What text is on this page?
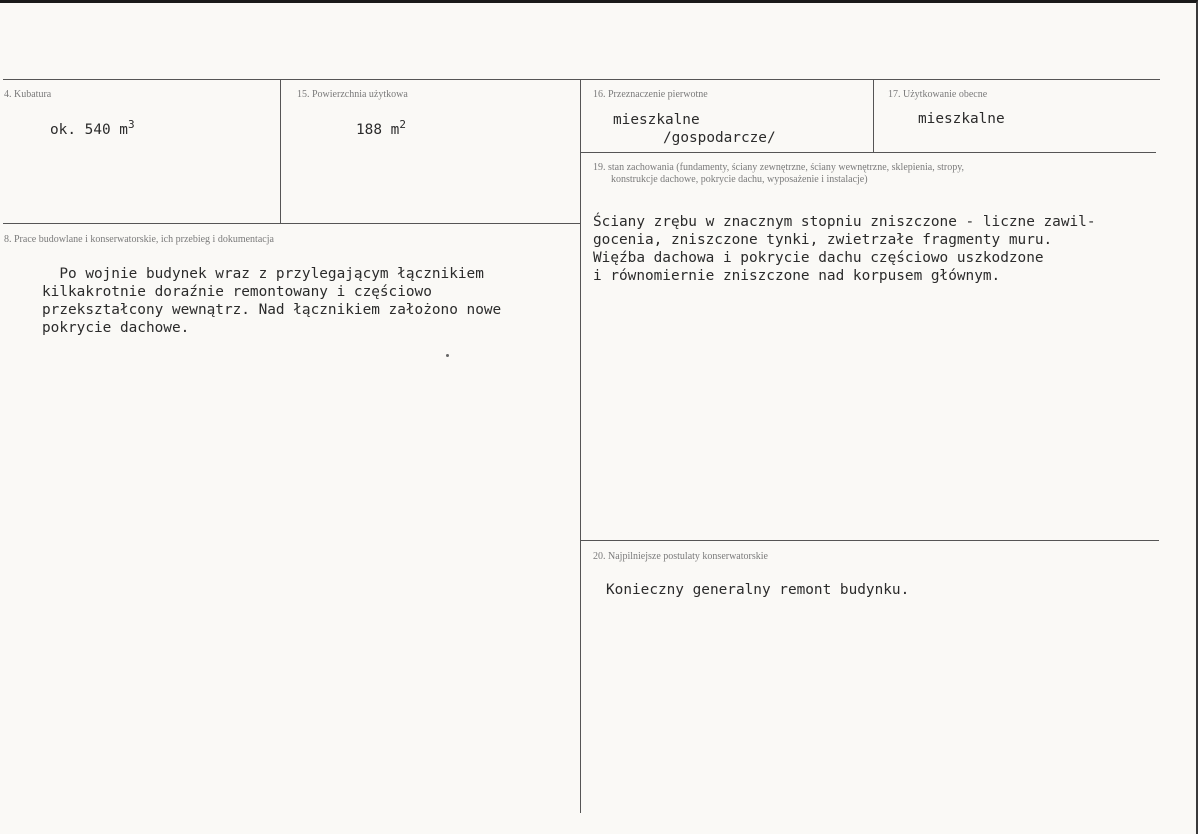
4. Kubatura
ok. 540 $m^3$
15. Powierzchnia użytkowa
188 $m^2$
16. Przeznaczenie pierwotne
mieszkalne
/gospodarcze/
17. Użytkowanie obecne
mieszkalne
8. Prace budowlane i konserwatorskie, ich przebieg i dokumentacja
Po wojnie budynek wraz z przylegającym łącznikiem
kilkakrotnie doraźnie remontowany i częściowo
przekształcony wewnątrz. Nad łącznikiem założono nowe
pokrycie dachowe.
19. stan zachowania (fundamenty, ściany zewnętrzne, ściany wewnętrzne, sklepienia, stropy,
konstrukcje dachowe, pokrycie dachu, wyposażenie i instalacje)
Ściany zrębu w znacznym stopniu zniszczone - liczne zawil-
gocenia, zniszczone tynki, zwietrzałe fragmenty muru.
Więźba dachowa i pokrycie dachu częściowo uszkodzone
i równomiernie zniszczone nad korpusem głównym.
20. Najpilniejsze postulaty konserwatorskie
Konieczny generalny remont budynku.
